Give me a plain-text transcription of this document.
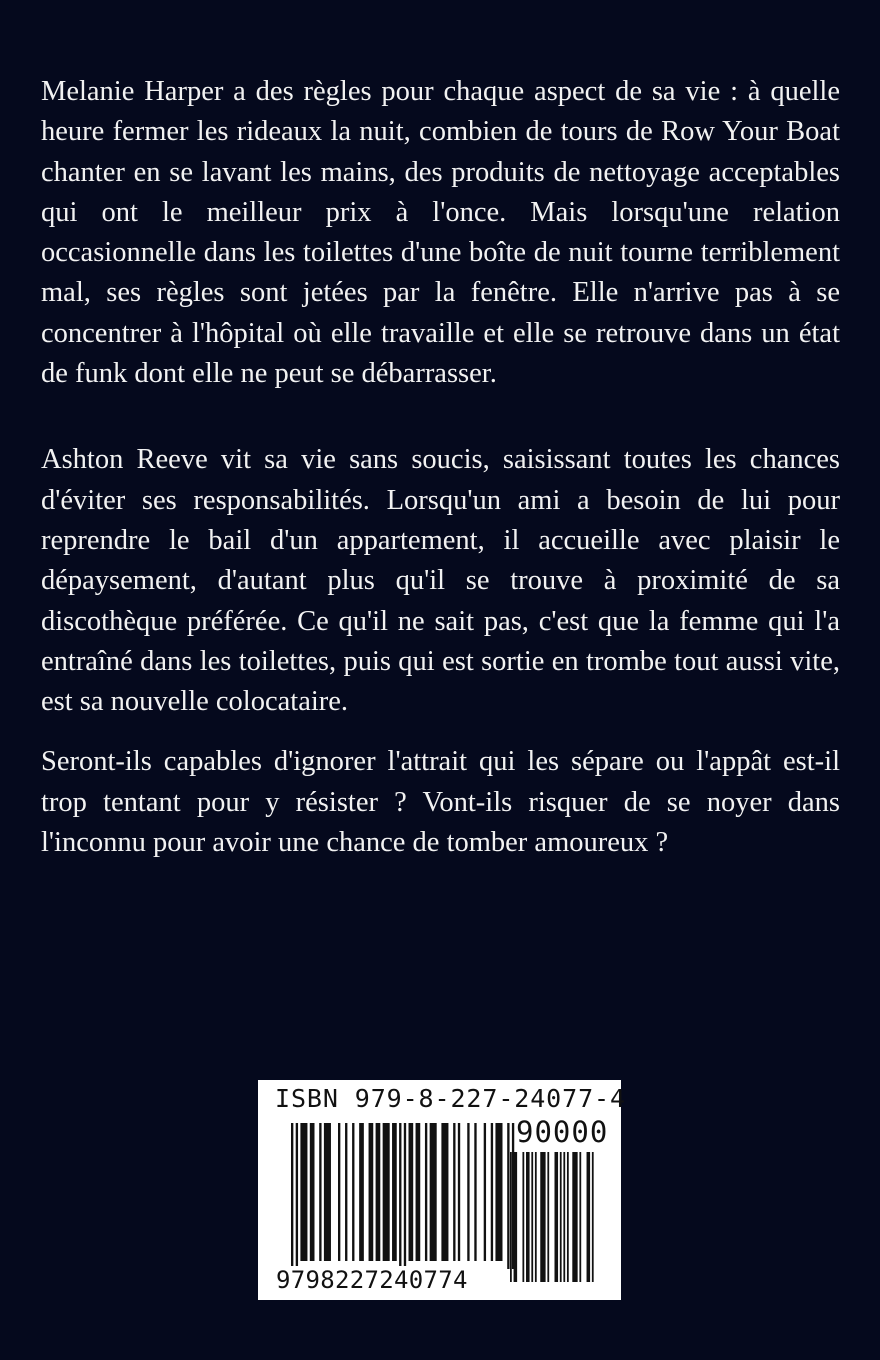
Melanie Harper a des règles pour chaque aspect de sa vie : à quelle heure fermer les rideaux la nuit, combien de tours de Row Your Boat chanter en se lavant les mains, des produits de nettoyage acceptables qui ont le meilleur prix à l'once. Mais lorsqu'une relation occasionnelle dans les toilettes d'une boîte de nuit tourne terriblement mal, ses règles sont jetées par la fenêtre. Elle n'arrive pas à se concentrer à l'hôpital où elle travaille et elle se retrouve dans un état de funk dont elle ne peut se débarrasser.

Ashton Reeve vit sa vie sans soucis, saisissant toutes les chances d'éviter ses responsabilités. Lorsqu'un ami a besoin de lui pour reprendre le bail d'un appartement, il accueille avec plaisir le dépaysement, d'autant plus qu'il se trouve à proximité de sa discothèque préférée. Ce qu'il ne sait pas, c'est que la femme qui l'a entraîné dans les toilettes, puis qui est sortie en trombe tout aussi vite, est sa nouvelle colocataire.

Seront-ils capables d'ignorer l'attrait qui les sépare ou l'appât est-il trop tentant pour y résister ? Vont-ils risquer de se noyer dans l'inconnu pour avoir une chance de tomber amoureux ?

ISBN 979-8-227-24077-4
90000
9798227240774
